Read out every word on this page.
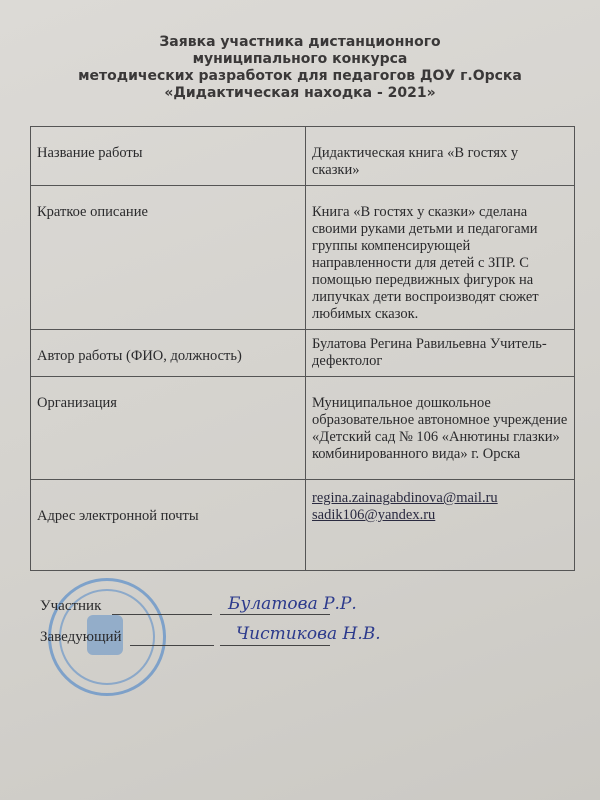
Заявка участника дистанционного
муниципального конкурса
методических разработок для педагогов ДОУ г.Орска
«Дидактическая находка - 2021»
Название работы	Дидактическая книга «В гостях у сказки»
Краткое описание	Книга «В гостях у сказки» сделана своими руками детьми и педагогами группы компенсирующей направленности для детей с ЗПР. С помощью передвижных фигурок на липучках дети воспроизводят сюжет любимых сказок.
Автор работы (ФИО, должность)	Булатова Регина Равильевна Учитель-дефектолог
Организация	Муниципальное дошкольное образовательное автономное учреждение «Детский сад № 106 «Анютины глазки» комбинированного вида» г. Орска
Адрес электронной почты	regina.zainagabdinova@mail.ru
sadik106@yandex.ru
Участник	Булатова Р.Р.
Заведующий	Чистикова Н.В.
